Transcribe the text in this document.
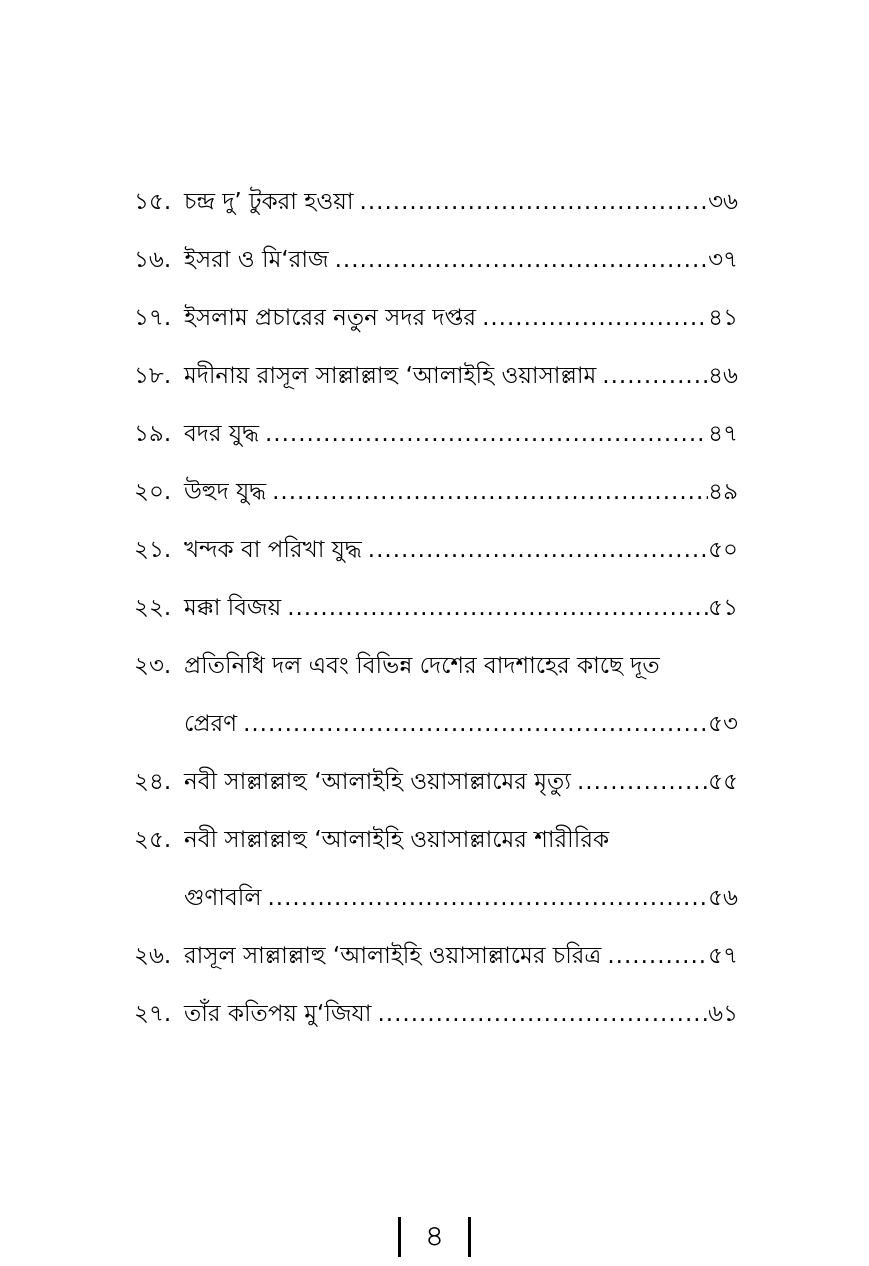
১৫. চন্দ্র দু’ টুকরা হওয়া .....	৩৬
১৬. ইসরা ও মি‘রাজ .....	৩৭
১৭. ইসলাম প্রচারের নতুন সদর দপ্তর .....	৪১
১৮. মদীনায় রাসূল সাল্লাল্লাহু ‘আলাইহি ওয়াসাল্লাম .....	৪৬
১৯. বদর যুদ্ধ .....	৪৭
২০. উহুদ যুদ্ধ .....	৪৯
২১. খন্দক বা পরিখা যুদ্ধ .....	৫০
২২. মক্কা বিজয় .....	৫১
২৩. প্রতিনিধি দল এবং বিভিন্ন দেশের বাদশাহের কাছে দূত
প্রেরণ .....	৫৩
২৪. নবী সাল্লাল্লাহু ‘আলাইহি ওয়াসাল্লামের মৃত্যু .....	৫৫
২৫. নবী সাল্লাল্লাহু ‘আলাইহি ওয়াসাল্লামের শারীরিক
গুণাবলি .....	৫৬
২৬. রাসূল সাল্লাল্লাহু ‘আলাইহি ওয়াসাল্লামের চরিত্র .....	৫৭
২৭. তাঁর কতিপয় মু‘জিযা .....	৬১
৪
